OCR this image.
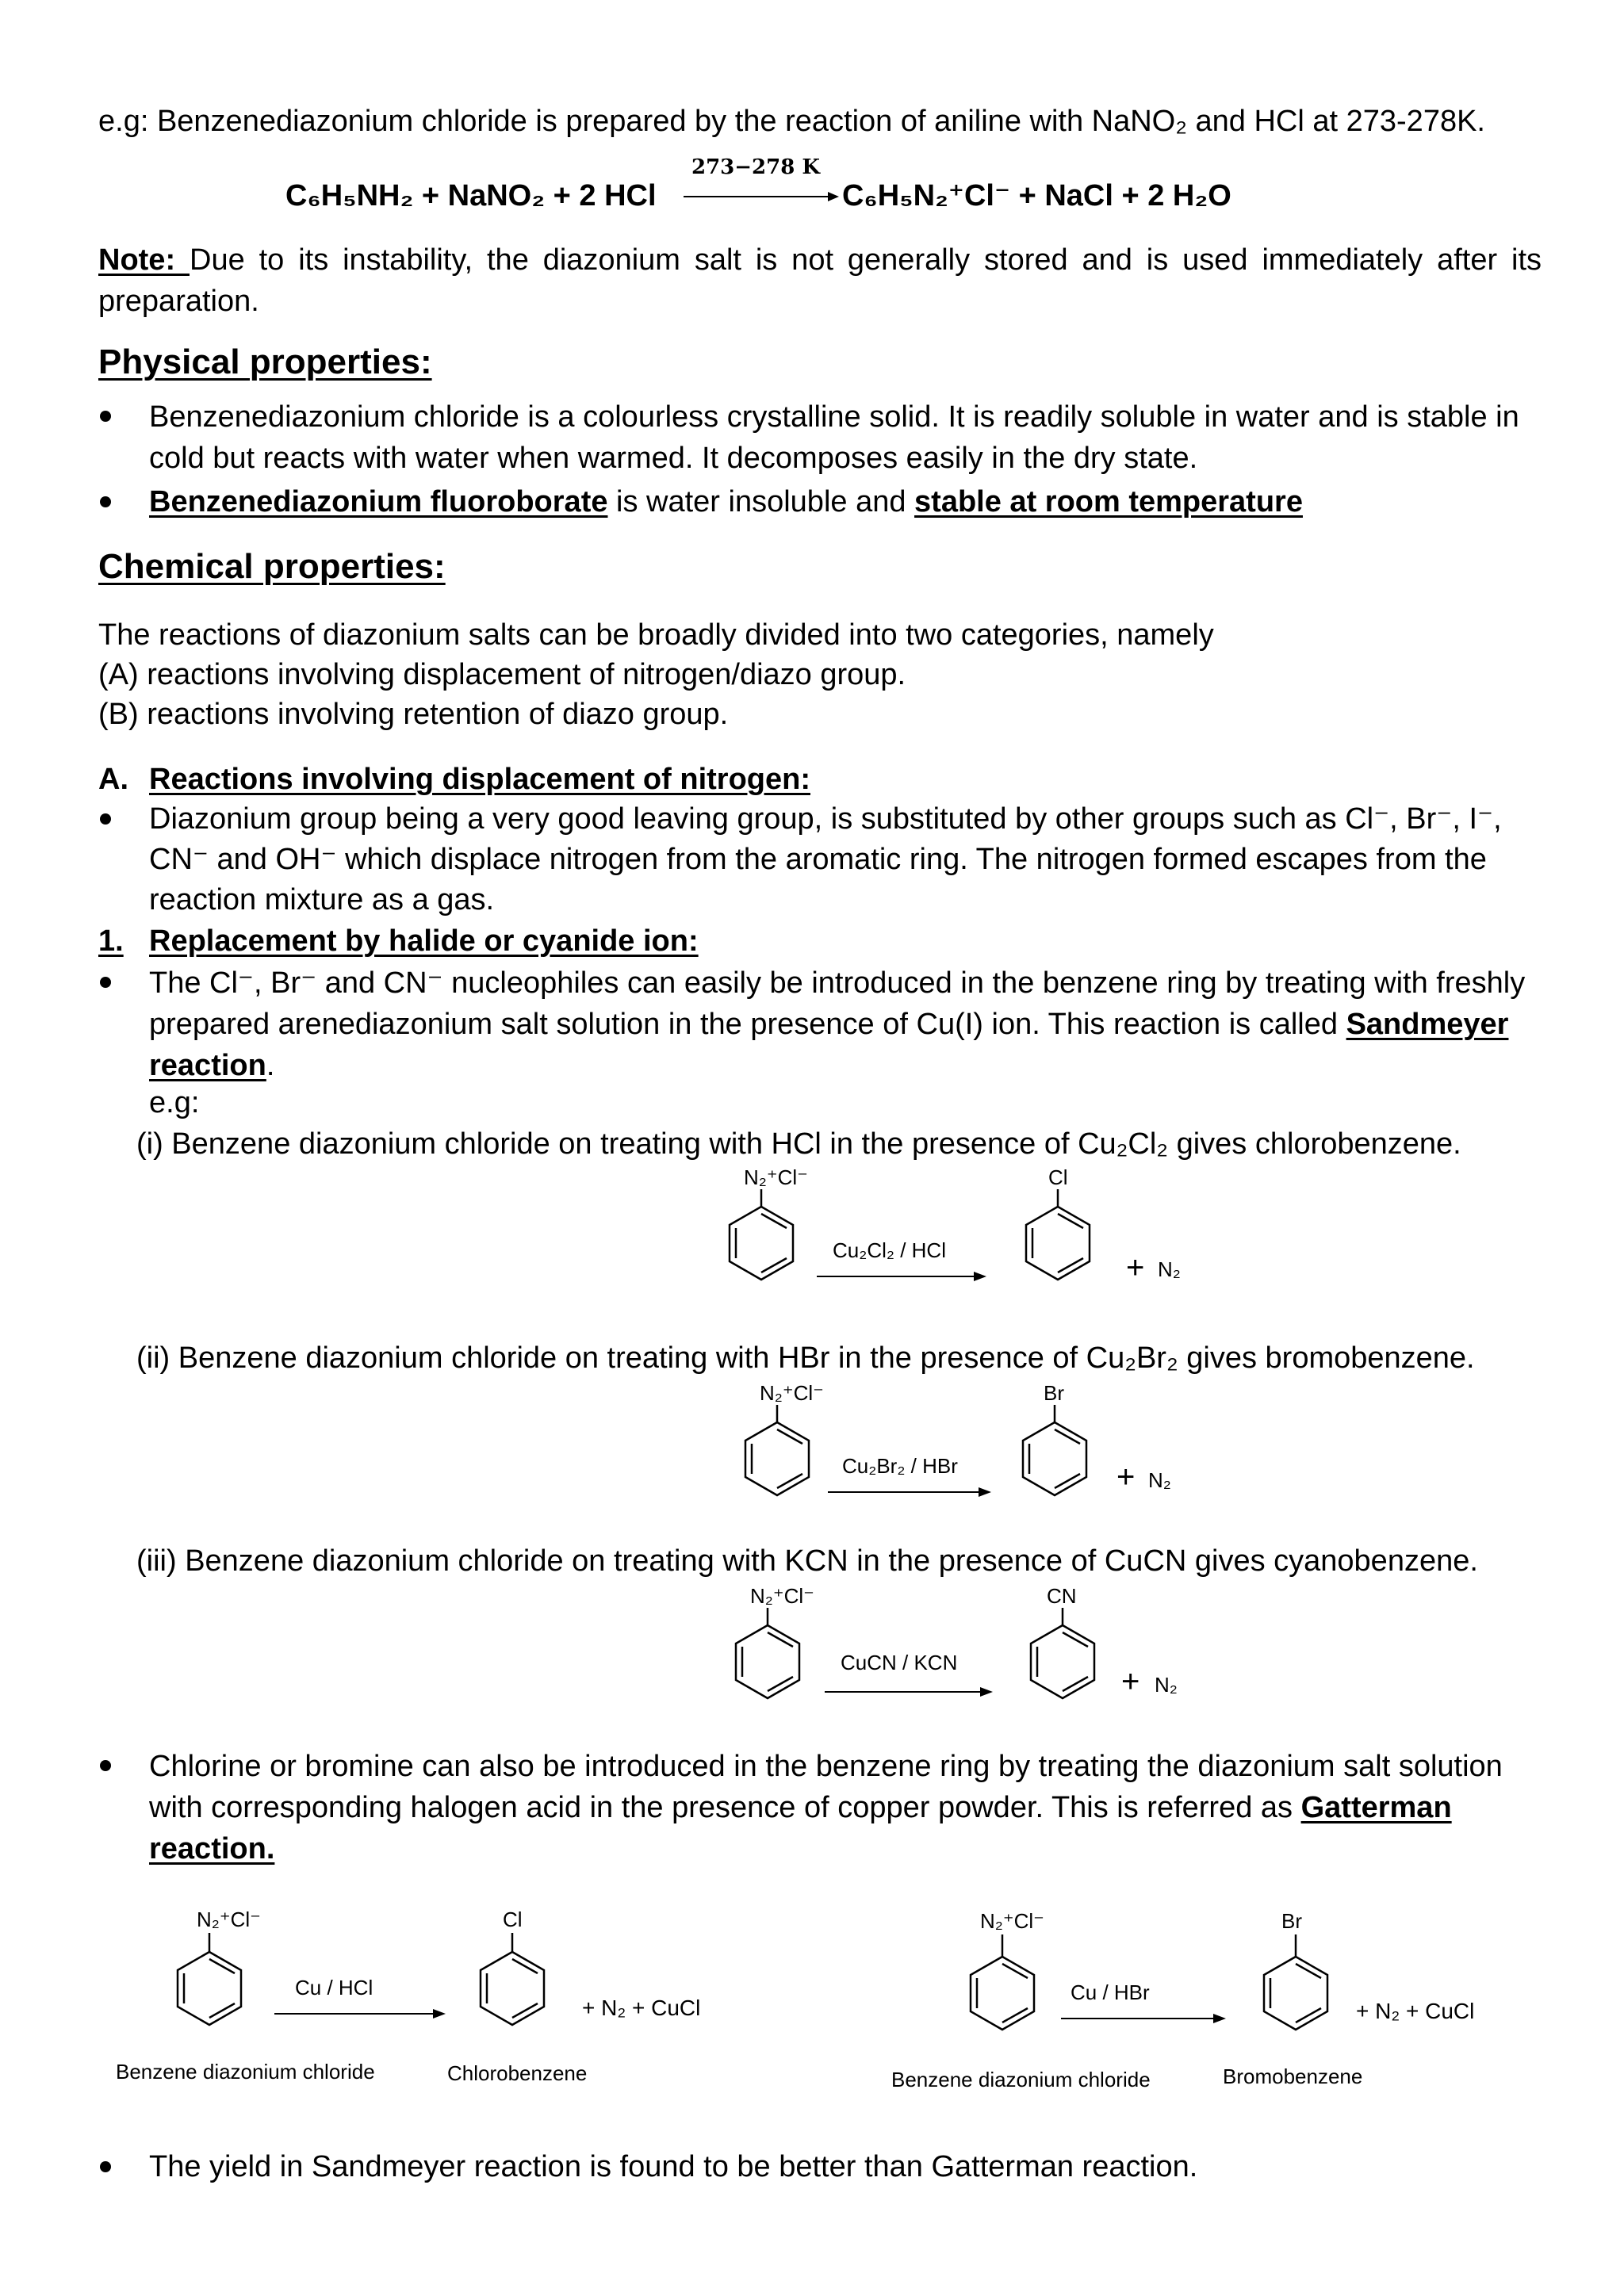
e.g: Benzenediazonium chloride is prepared by the reaction of aniline with NaNO₂ and HCl at 273-278K.
C₆H₅NH₂ + NaNO₂ + 2 HCl
273−278 K
C₆H₅N₂⁺Cl⁻ + NaCl + 2 H₂O
Note: Due to its instability, the diazonium salt is not generally stored and is used immediately after its preparation.
Physical properties:
Benzenediazonium chloride is a colourless crystalline solid. It is readily soluble in water and is stable in cold but reacts with water when warmed. It decomposes easily in the dry state.
Benzenediazonium fluoroborate is water insoluble and stable at room temperature
Chemical properties:
The reactions of diazonium salts can be broadly divided into two categories, namely
(A) reactions involving displacement of nitrogen/diazo group.
(B) reactions involving retention of diazo group.
A. Reactions involving displacement of nitrogen:
Diazonium group being a very good leaving group, is substituted by other groups such as Cl⁻, Br⁻, I⁻, CN⁻ and OH⁻ which displace nitrogen from the aromatic ring. The nitrogen formed escapes from the reaction mixture as a gas.
1. Replacement by halide or cyanide ion:
The Cl⁻, Br⁻ and CN⁻ nucleophiles can easily be introduced in the benzene ring by treating with freshly prepared arenediazonium salt solution in the presence of Cu(I) ion. This reaction is called Sandmeyer reaction.
e.g:
(i) Benzene diazonium chloride on treating with HCl in the presence of Cu₂Cl₂ gives chlorobenzene.
N₂⁺Cl⁻
Cu₂Cl₂ / HCl
Cl
+ N₂
(ii) Benzene diazonium chloride on treating with HBr in the presence of Cu₂Br₂ gives bromobenzene.
N₂⁺Cl⁻
Cu₂Br₂ / HBr
Br
+ N₂
(iii) Benzene diazonium chloride on treating with KCN in the presence of CuCN gives cyanobenzene.
N₂⁺Cl⁻
CuCN / KCN
CN
+ N₂
Chlorine or bromine can also be introduced in the benzene ring by treating the diazonium salt solution with corresponding halogen acid in the presence of copper powder. This is referred as Gatterman reaction.
N₂⁺Cl⁻
Cu / HCl
Cl
+ N₂ + CuCl
Benzene diazonium chloride	Chlorobenzene
N₂⁺Cl⁻
Cu / HBr
Br
+ N₂ + CuCl
Benzene diazonium chloride	Bromobenzene
The yield in Sandmeyer reaction is found to be better than Gatterman reaction.
